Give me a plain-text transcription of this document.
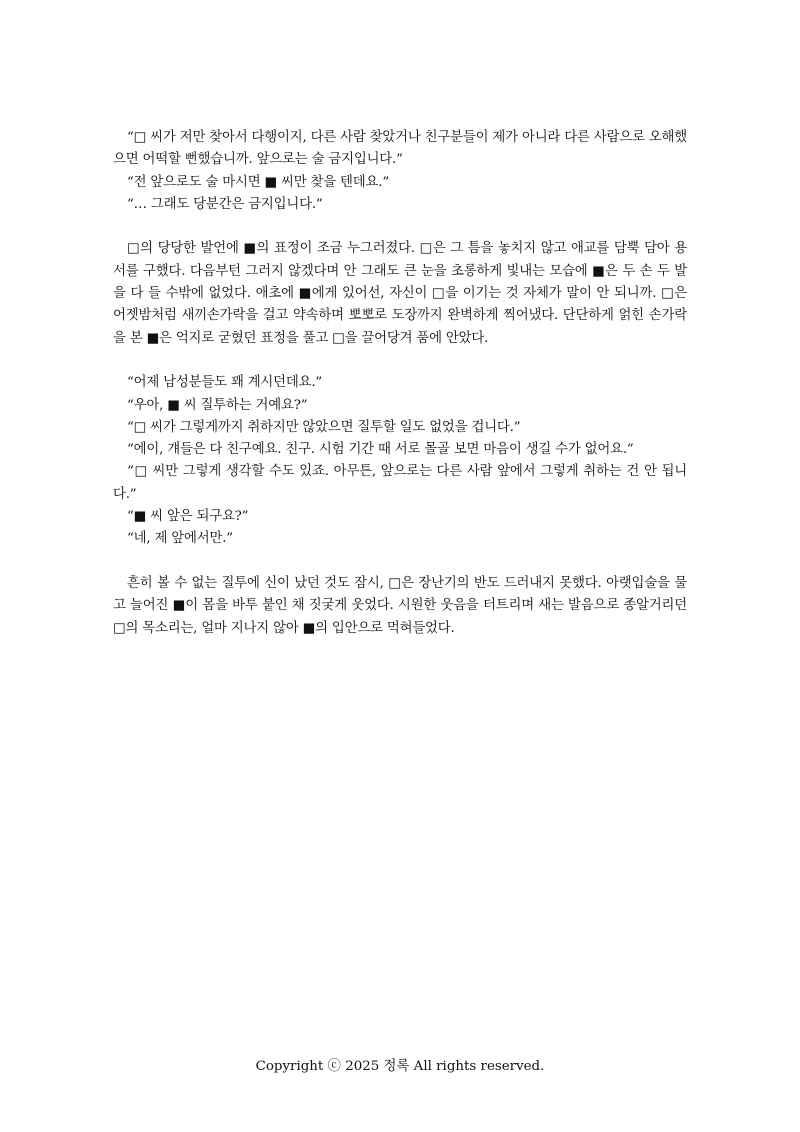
“□ 씨가 저만 찾아서 다행이지, 다른 사람 찾았거나 친구분들이 제가 아니라 다른 사람으로 오해했으면 어떡할 뻔했습니까. 앞으로는 술 금지입니다.”

“전 앞으로도 술 마시면 ■ 씨만 찾을 텐데요.”

“… 그래도 당분간은 금지입니다.”

□의 당당한 발언에 ■의 표정이 조금 누그러졌다. □은 그 틈을 놓치지 않고 애교를 담뿍 담아 용서를 구했다. 다음부턴 그러지 않겠다며 안 그래도 큰 눈을 초롱하게 빛내는 모습에 ■은 두 손 두 발을 다 들 수밖에 없었다. 애초에 ■에게 있어선, 자신이 □을 이기는 것 자체가 말이 안 되니까. □은 어젯밤처럼 새끼손가락을 걸고 약속하며 뽀뽀로 도장까지 완벽하게 찍어냈다. 단단하게 얽힌 손가락을 본 ■은 억지로 굳혔던 표정을 풀고 □을 끌어당겨 품에 안았다.

“어제 남성분들도 꽤 계시던데요.”

“우아, ■ 씨 질투하는 거예요?”

“□ 씨가 그렇게까지 취하지만 않았으면 질투할 일도 없었을 겁니다.”

“에이, 걔들은 다 친구예요. 친구. 시험 기간 때 서로 몰골 보면 마음이 생길 수가 없어요.”

“□ 씨만 그렇게 생각할 수도 있죠. 아무튼, 앞으로는 다른 사람 앞에서 그렇게 취하는 건 안 됩니다.”

“■ 씨 앞은 되구요?”

“네, 제 앞에서만.”

흔히 볼 수 없는 질투에 신이 났던 것도 잠시, □은 장난기의 반도 드러내지 못했다. 아랫입술을 물고 늘어진 ■이 몸을 바투 붙인 채 짓궂게 웃었다. 시원한 웃음을 터트리며 새는 발음으로 종알거리던 □의 목소리는, 얼마 지나지 않아 ■의 입안으로 먹혀들었다.

Copyright ⓒ 2025 정록 All rights reserved.
